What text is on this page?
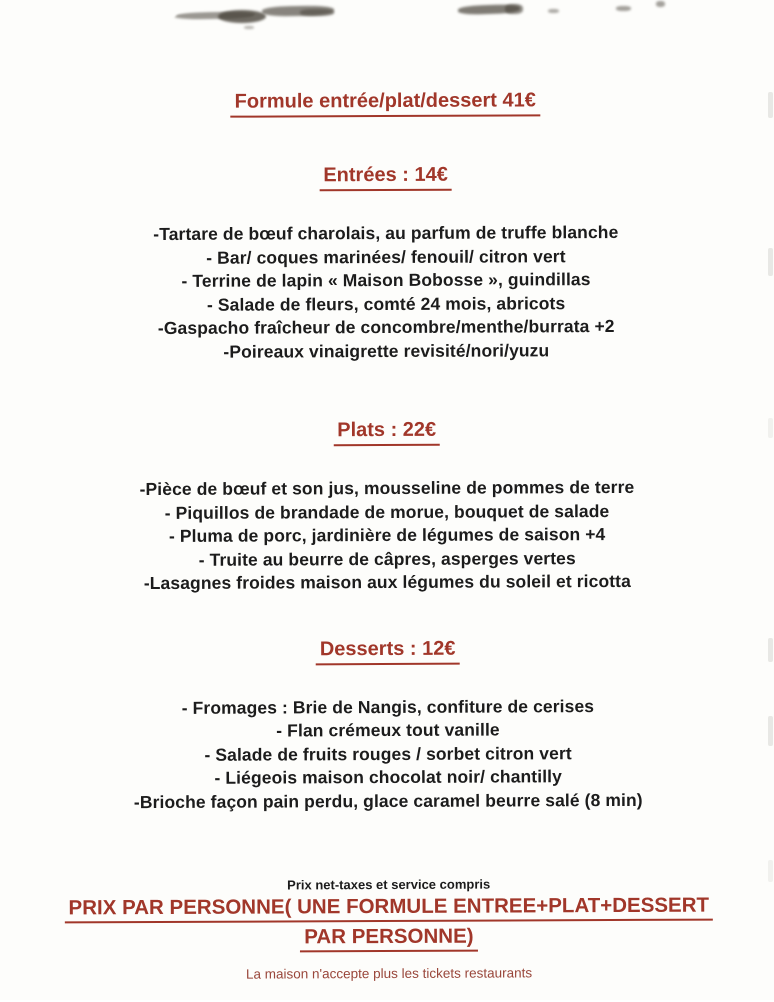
Formule entrée/plat/dessert 41€
Entrées : 14€
-Tartare de bœuf charolais, au parfum de truffe blanche
- Bar/ coques marinées/ fenouil/ citron vert
- Terrine de lapin « Maison Bobosse », guindillas
- Salade de fleurs, comté 24 mois, abricots
-Gaspacho fraîcheur de concombre/menthe/burrata +2
-Poireaux vinaigrette revisité/nori/yuzu
Plats : 22€
-Pièce de bœuf et son jus, mousseline de pommes de terre
- Piquillos de brandade de morue, bouquet de salade
- Pluma de porc, jardinière de légumes de saison +4
- Truite au beurre de câpres, asperges vertes
-Lasagnes froides maison aux légumes du soleil et ricotta
Desserts : 12€
- Fromages : Brie de Nangis, confiture de cerises
- Flan crémeux tout vanille
- Salade de fruits rouges / sorbet citron vert
- Liégeois maison chocolat noir/ chantilly
-Brioche façon pain perdu, glace caramel beurre salé (8 min)
Prix net-taxes et service compris
PRIX PAR PERSONNE( UNE FORMULE ENTREE+PLAT+DESSERT
PAR PERSONNE)
La maison n'accepte plus les tickets restaurants
